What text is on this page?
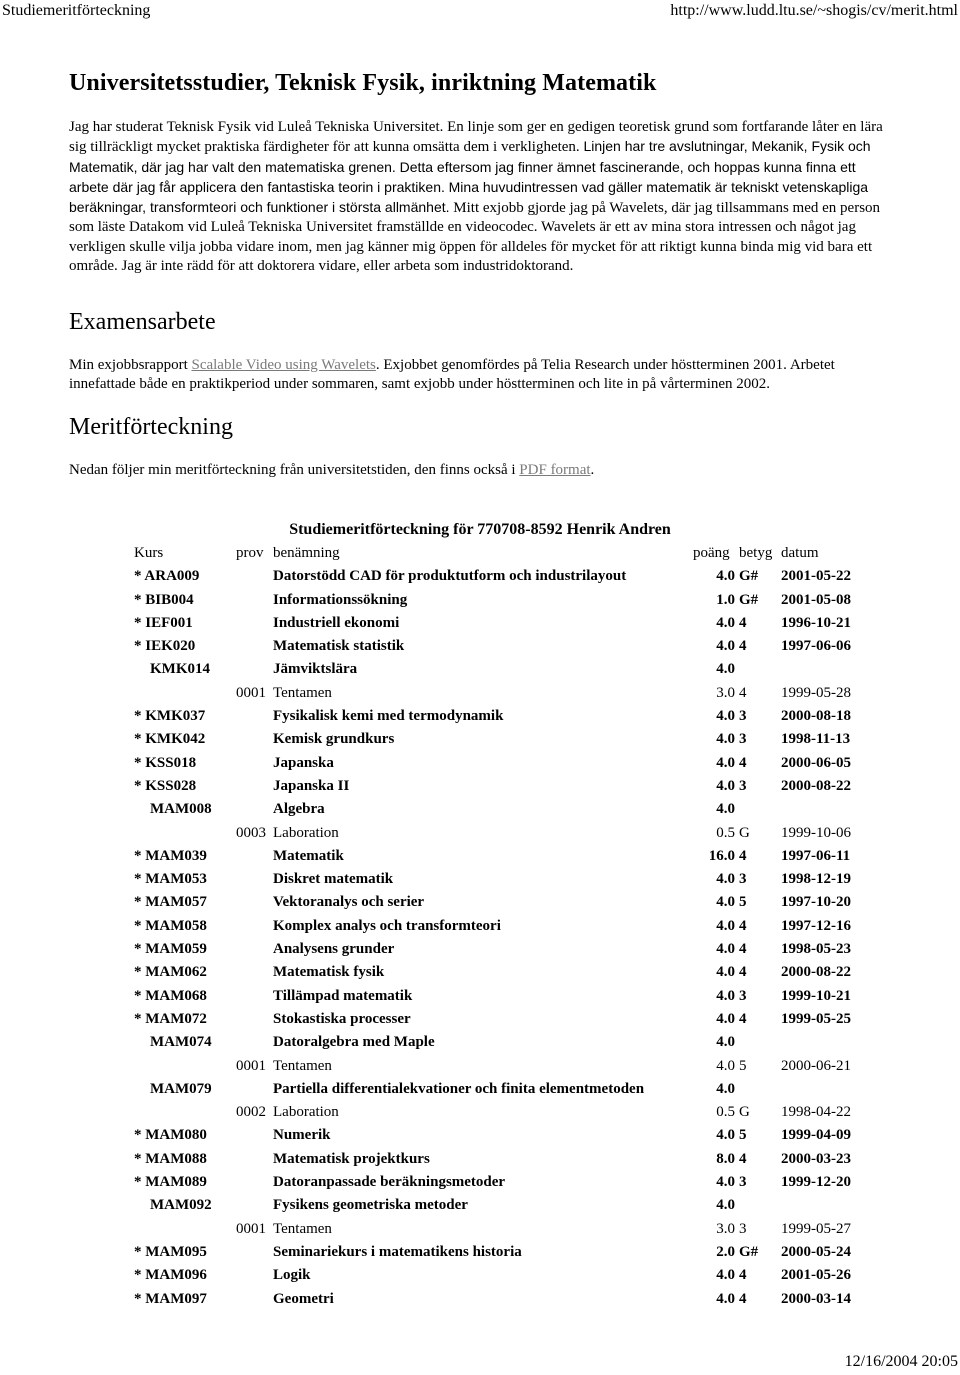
Studiemeritförteckning	http://www.ludd.ltu.se/~shogis/cv/merit.html
Universitetsstudier, Teknisk Fysik, inriktning Matematik
Jag har studerat Teknisk Fysik vid Luleå Tekniska Universitet. En linje som ger en gedigen teoretisk grund som fortfarande låter en lära sig tillräckligt mycket praktiska färdigheter för att kunna omsätta dem i verkligheten. Linjen har tre avslutningar, Mekanik, Fysik och Matematik, där jag har valt den matematiska grenen. Detta eftersom jag finner ämnet fascinerande, och hoppas kunna finna ett arbete där jag får applicera den fantastiska teorin i praktiken. Mina huvudintressen vad gäller matematik är tekniskt vetenskapliga beräkningar, transformteori och funktioner i största allmänhet. Mitt exjobb gjorde jag på Wavelets, där jag tillsammans med en person som läste Datakom vid Luleå Tekniska Universitet framställde en videocodec. Wavelets är ett av mina stora intressen och något jag verkligen skulle vilja jobba vidare inom, men jag känner mig öppen för alldeles för mycket för att riktigt kunna binda mig vid bara ett område. Jag är inte rädd för att doktorera vidare, eller arbeta som industridoktorand.
Examensarbete
Min exjobbsrapport Scalable Video using Wavelets. Exjobbet genomfördes på Telia Research under höstterminen 2001. Arbetet innefattade både en praktikperiod under sommaren, samt exjobb under höstterminen och lite in på vårterminen 2002.
Meritförteckning
Nedan följer min meritförteckning från universitetstiden, den finns också i PDF format.
Studiemeritförteckning för 770708-8592 Henrik Andren
Kurs	prov	benämning	poäng	betyg	datum
* ARA009		Datorstödd CAD för produktutform och industrilayout	4.0	G#	2001-05-22
* BIB004		Informationssökning	1.0	G#	2001-05-08
* IEF001		Industriell ekonomi	4.0	4	1996-10-21
* IEK020		Matematisk statistik	4.0	4	1997-06-06
KMK014		Jämviktslära	4.0		
	0001	Tentamen	3.0	4	1999-05-28
* KMK037		Fysikalisk kemi med termodynamik	4.0	3	2000-08-18
* KMK042		Kemisk grundkurs	4.0	3	1998-11-13
* KSS018		Japanska	4.0	4	2000-06-05
* KSS028		Japanska II	4.0	3	2000-08-22
MAM008		Algebra	4.0		
	0003	Laboration	0.5	G	1999-10-06
* MAM039		Matematik	16.0	4	1997-06-11
* MAM053		Diskret matematik	4.0	3	1998-12-19
* MAM057		Vektoranalys och serier	4.0	5	1997-10-20
* MAM058		Komplex analys och transformteori	4.0	4	1997-12-16
* MAM059		Analysens grunder	4.0	4	1998-05-23
* MAM062		Matematisk fysik	4.0	4	2000-08-22
* MAM068		Tillämpad matematik	4.0	3	1999-10-21
* MAM072		Stokastiska processer	4.0	4	1999-05-25
MAM074		Datoralgebra med Maple	4.0		
	0001	Tentamen	4.0	5	2000-06-21
MAM079		Partiella differentialekvationer och finita elementmetoden	4.0		
	0002	Laboration	0.5	G	1998-04-22
* MAM080		Numerik	4.0	5	1999-04-09
* MAM088		Matematisk projektkurs	8.0	4	2000-03-23
* MAM089		Datoranpassade beräkningsmetoder	4.0	3	1999-12-20
MAM092		Fysikens geometriska metoder	4.0		
	0001	Tentamen	3.0	3	1999-05-27
* MAM095		Seminariekurs i matematikens historia	2.0	G#	2000-05-24
* MAM096		Logik	4.0	4	2001-05-26
* MAM097		Geometri	4.0	4	2000-03-14
12/16/2004 20:05
